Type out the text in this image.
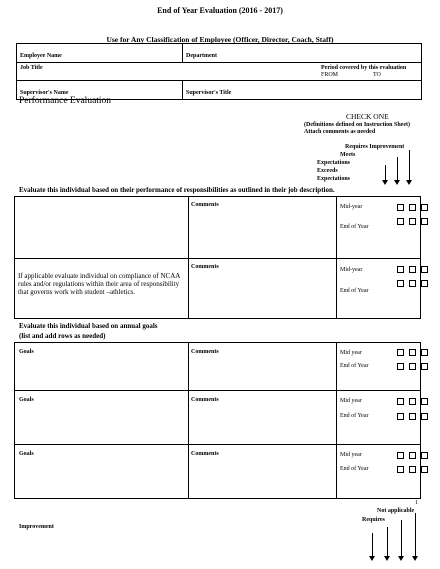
End of Year Evaluation (2016 - 2017)
Use for Any Classification of Employee (Officer, Director, Coach, Staff)
Employee Name	Department

Job Title Period covered by this evaluation
FROM TO	

Supervisor's Name	Supervisor's Title
Performance Evaluation
CHECK ONE
(Definitions defined on Instruction Sheet)
Attach comments as needed
Requires Improvement
Meets
Expectations
Exceeds
Expectations
Evaluate this individual based on their performance of responsibilities as outlined in their job description.

	Comments	Mid-year
End of Year

If applicable evaluate individual on compliance of NCAA rules and/or regulations within their area of responsibility that governs work with student –athletics.	Comments	Mid-year
End of Year
Evaluate this individual based on annual goals
(list and add rows as needed)
Goals	Comments	Mid year
End of Year

Goals	Comments	Mid year
End of Year

Goals	Comments	Mid year
End of Year
Improvement
1
Not applicable
Requires
